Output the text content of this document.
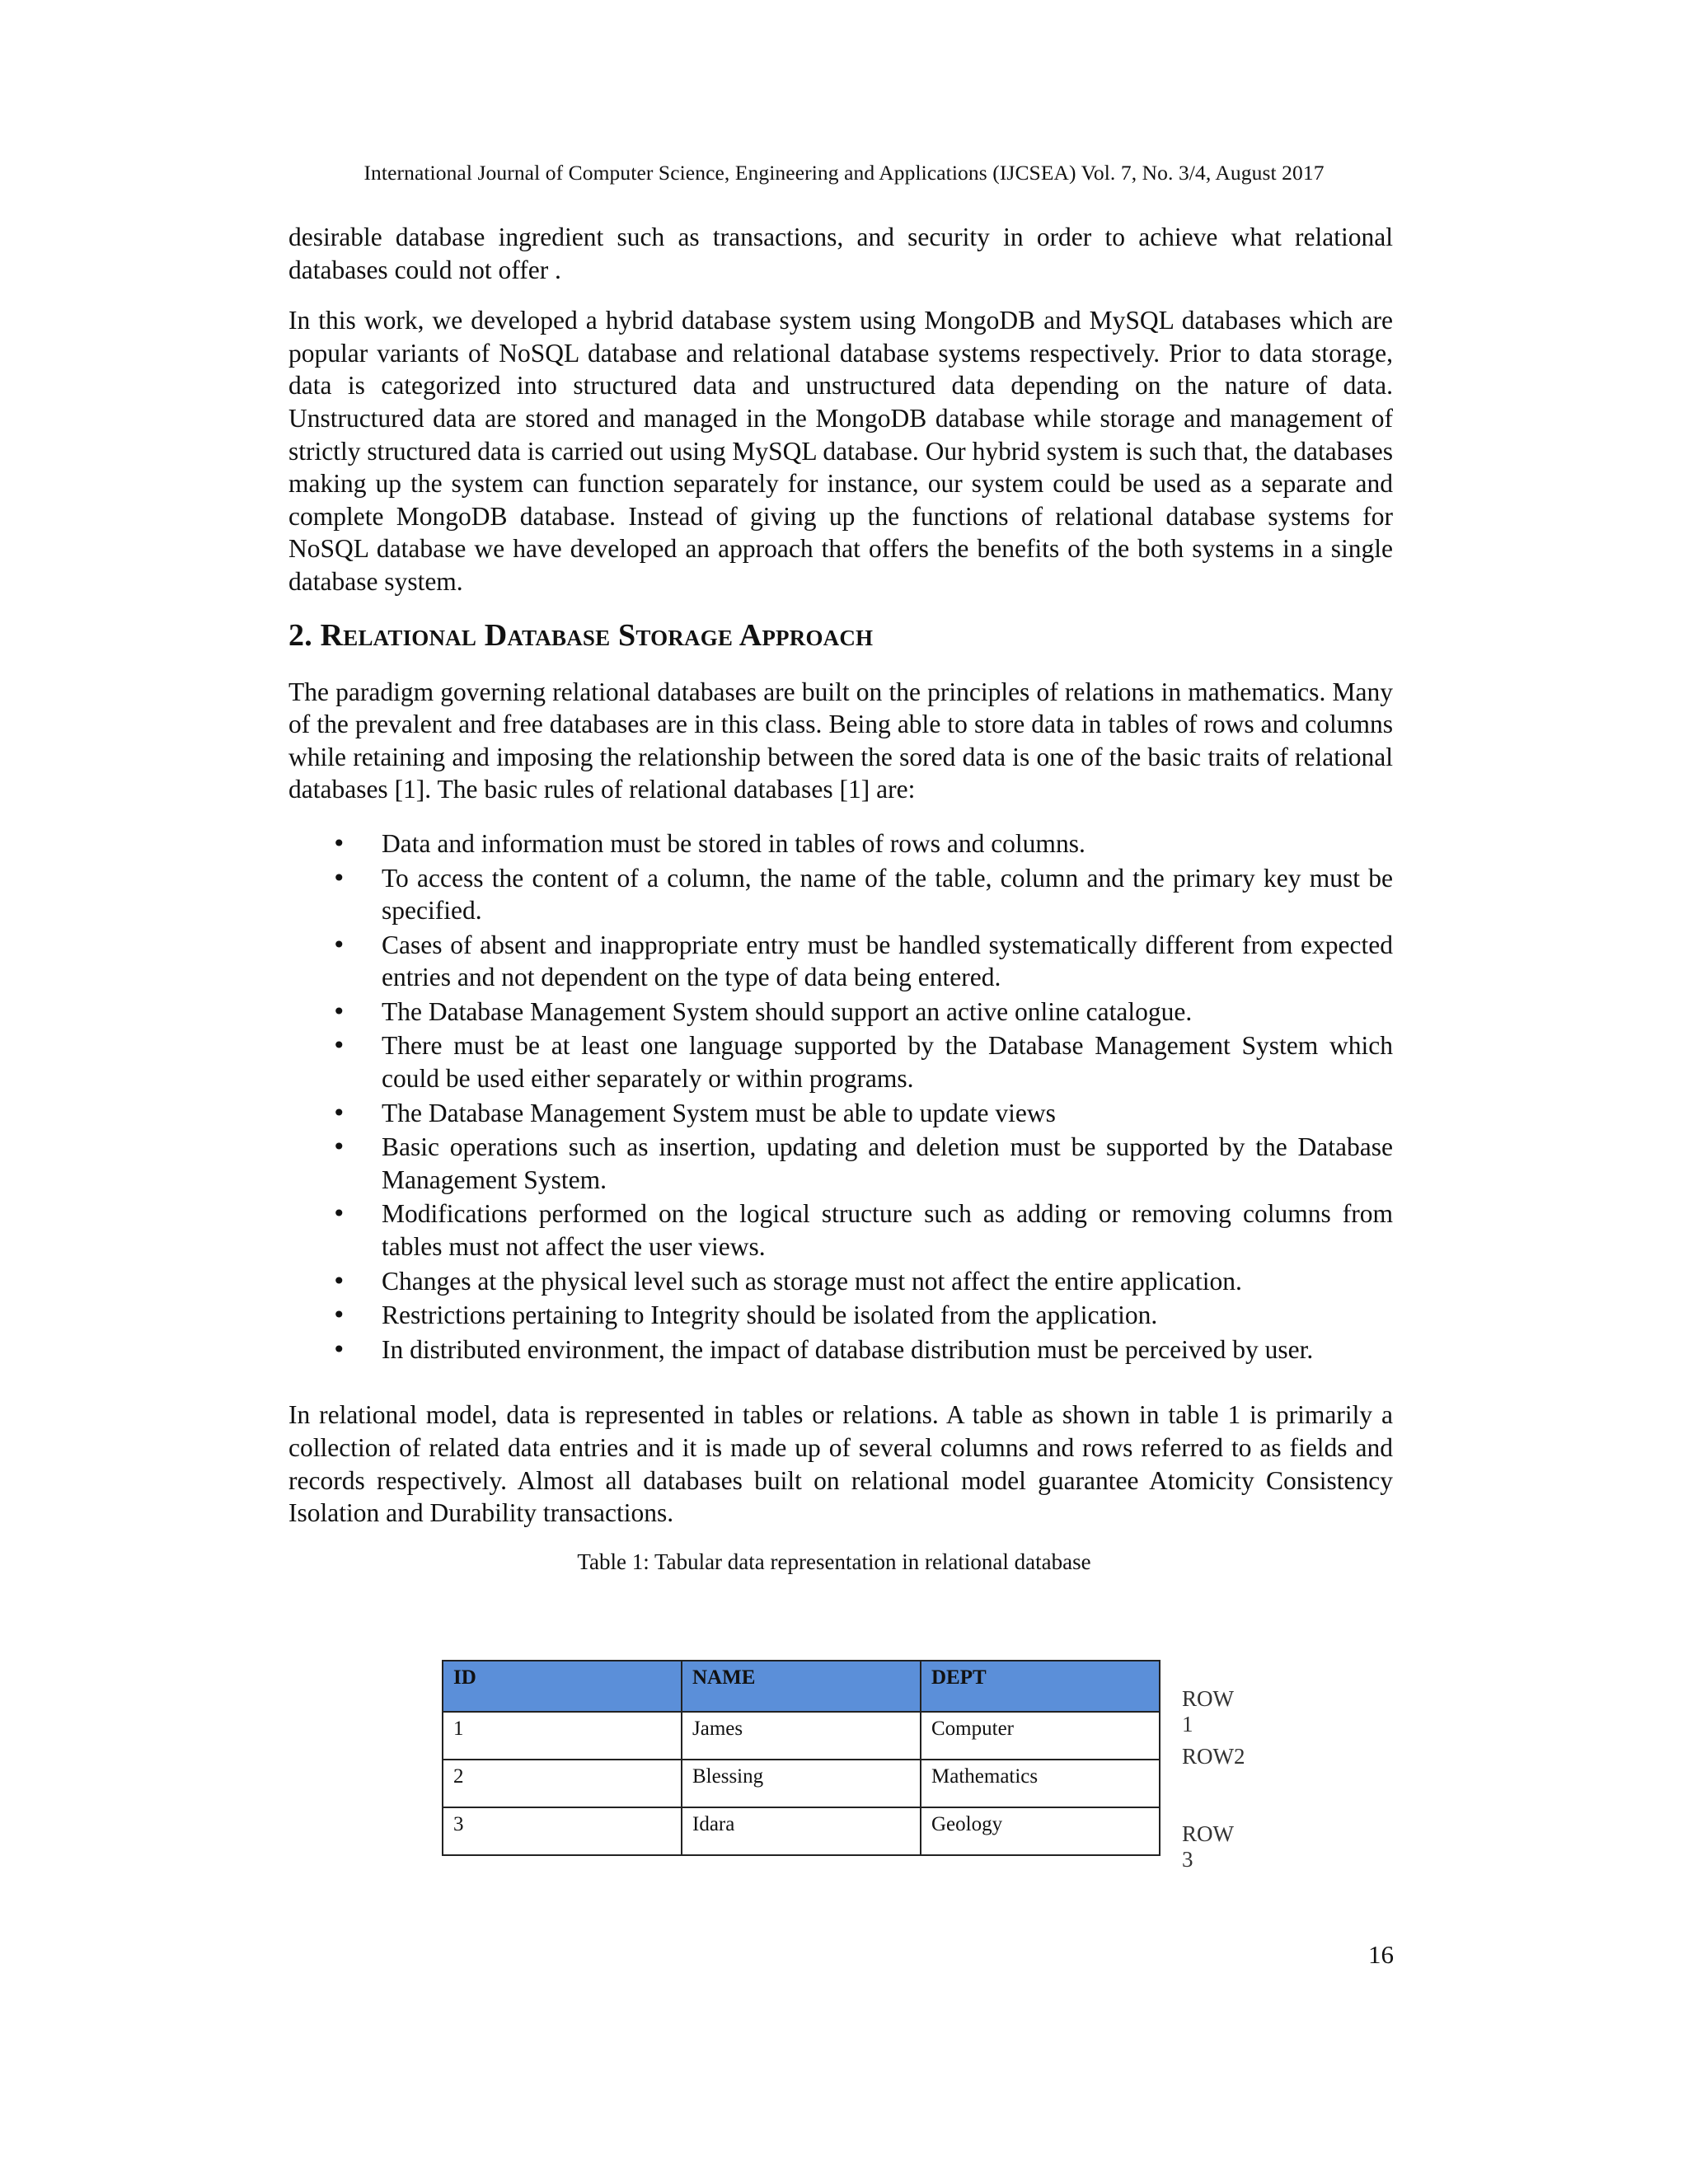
International Journal of Computer Science, Engineering and Applications (IJCSEA) Vol. 7, No. 3/4, August 2017

desirable database ingredient such as transactions, and security in order to achieve what relational databases could not offer .

In this work, we developed a hybrid database system using MongoDB and MySQL databases which are popular variants of NoSQL database and relational database systems respectively. Prior to data storage, data is categorized into structured data and unstructured data depending on the nature of data. Unstructured data are stored and managed in the MongoDB database while storage and management of strictly structured data is carried out using MySQL database. Our hybrid system is such that, the databases making up the system can function separately for instance, our system could be used as a separate and complete MongoDB database. Instead of giving up the functions of relational database systems for NoSQL database we have developed an approach that offers the benefits of the both systems in a single database system.

2. Relational Database Storage Approach

The paradigm governing relational databases are built on the principles of relations in mathematics. Many of the prevalent and free databases are in this class. Being able to store data in tables of rows and columns while retaining and imposing the relationship between the sored data is one of the basic traits of relational databases [1]. The basic rules of relational databases [1] are:

• Data and information must be stored in tables of rows and columns.
• To access the content of a column, the name of the table, column and the primary key must be specified.
• Cases of absent and inappropriate entry must be handled systematically different from expected entries and not dependent on the type of data being entered.
• The Database Management System should support an active online catalogue.
• There must be at least one language supported by the Database Management System which could be used either separately or within programs.
• The Database Management System must be able to update views
• Basic operations such as insertion, updating and deletion must be supported by the Database Management System.
• Modifications performed on the logical structure such as adding or removing columns from tables must not affect the user views.
• Changes at the physical level such as storage must not affect the entire application.
• Restrictions pertaining to Integrity should be isolated from the application.
• In distributed environment, the impact of database distribution must be perceived by user.

In relational model, data is represented in tables or relations. A table as shown in table 1 is primarily a collection of related data entries and it is made up of several columns and rows referred to as fields and records respectively. Almost all databases built on relational model guarantee Atomicity Consistency Isolation and Durability transactions.

Table 1: Tabular data representation in relational database
ID	NAME	DEPT
1	James	Computer
2	Blessing	Mathematics
3	Idara	Geology
ROW 1
ROW2
ROW 3
16
